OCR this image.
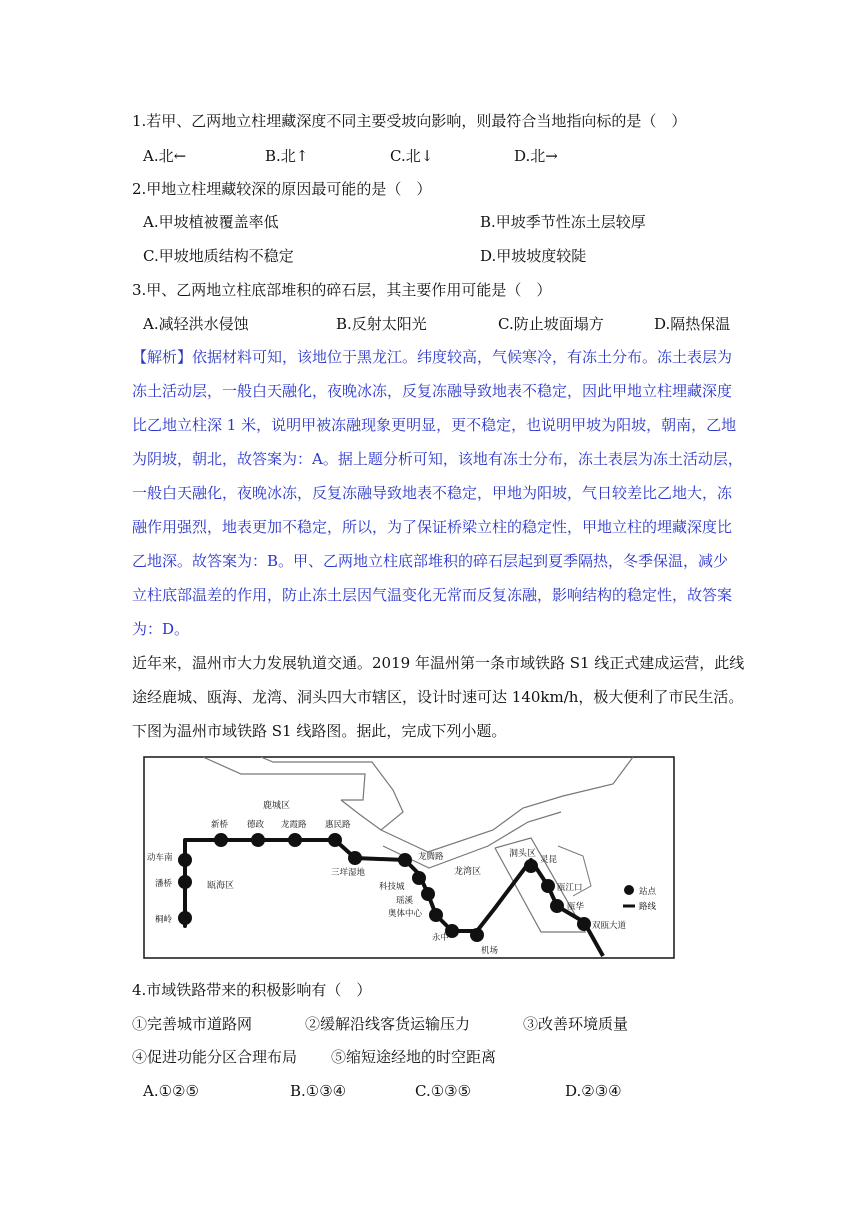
1.若甲、乙两地立柱埋藏深度不同主要受坡向影响，则最符合当地指向标的是（　）
A.北←	B.北↑	C.北↓	D.北→
2.甲地立柱埋藏较深的原因最可能的是（　）
A.甲坡植被覆盖率低	B.甲坡季节性冻土层较厚
C.甲坡地质结构不稳定	D.甲坡坡度较陡
3.甲、乙两地立柱底部堆积的碎石层，其主要作用可能是（　）
A.减轻洪水侵蚀	B.反射太阳光	C.防止坡面塌方	D.隔热保温
【解析】依据材料可知，该地位于黑龙江。纬度较高，气候寒冷，有冻土分布。冻土表层为
冻土活动层，一般白天融化，夜晚冰冻，反复冻融导致地表不稳定，因此甲地立柱埋藏深度
比乙地立柱深 1 米，说明甲被冻融现象更明显，更不稳定，也说明甲坡为阳坡，朝南，乙地
为阴坡，朝北，故答案为：A。据上题分析可知，该地有冻士分布，冻土表层为冻土活动层，
一般白天融化，夜晚冰冻，反复冻融导致地表不稳定，甲地为阳坡，气日较差比乙地大，冻
融作用强烈，地表更加不稳定，所以，为了保证桥梁立柱的稳定性，甲地立柱的埋藏深度比
乙地深。故答案为：B。甲、乙两地立柱底部堆积的碎石层起到夏季隔热，冬季保温，减少
立柱底部温差的作用，防止冻土层因气温变化无常而反复冻融，影响结构的稳定性，故答案
为：D。
近年来，温州市大力发展轨道交通。2019 年温州第一条市域铁路 S1 线正式建成运营，此线
途经鹿城、瓯海、龙湾、洞头四大市辖区，设计时速可达 140km/h，极大便利了市民生活。
下图为温州市域铁路 S1 线路图。据此，完成下列小题。
鹿城区
瓯海区
龙湾区
洞头区
动车南
潘桥
桐岭
新桥 德政 龙霞路 惠民路
三垟湿地
龙腾路
科技城
瑶溪
奥体中心
永中
机场
灵昆
瓯江口
瓯华
双瓯大道
站点
路线
4.市域铁路带来的积极影响有（　）
①完善城市道路网	②缓解沿线客货运输压力	③改善环境质量
④促进功能分区合理布局 ⑤缩短途经地的时空距离
A.①②⑤	B.①③④	C.①③⑤	D.②③④
